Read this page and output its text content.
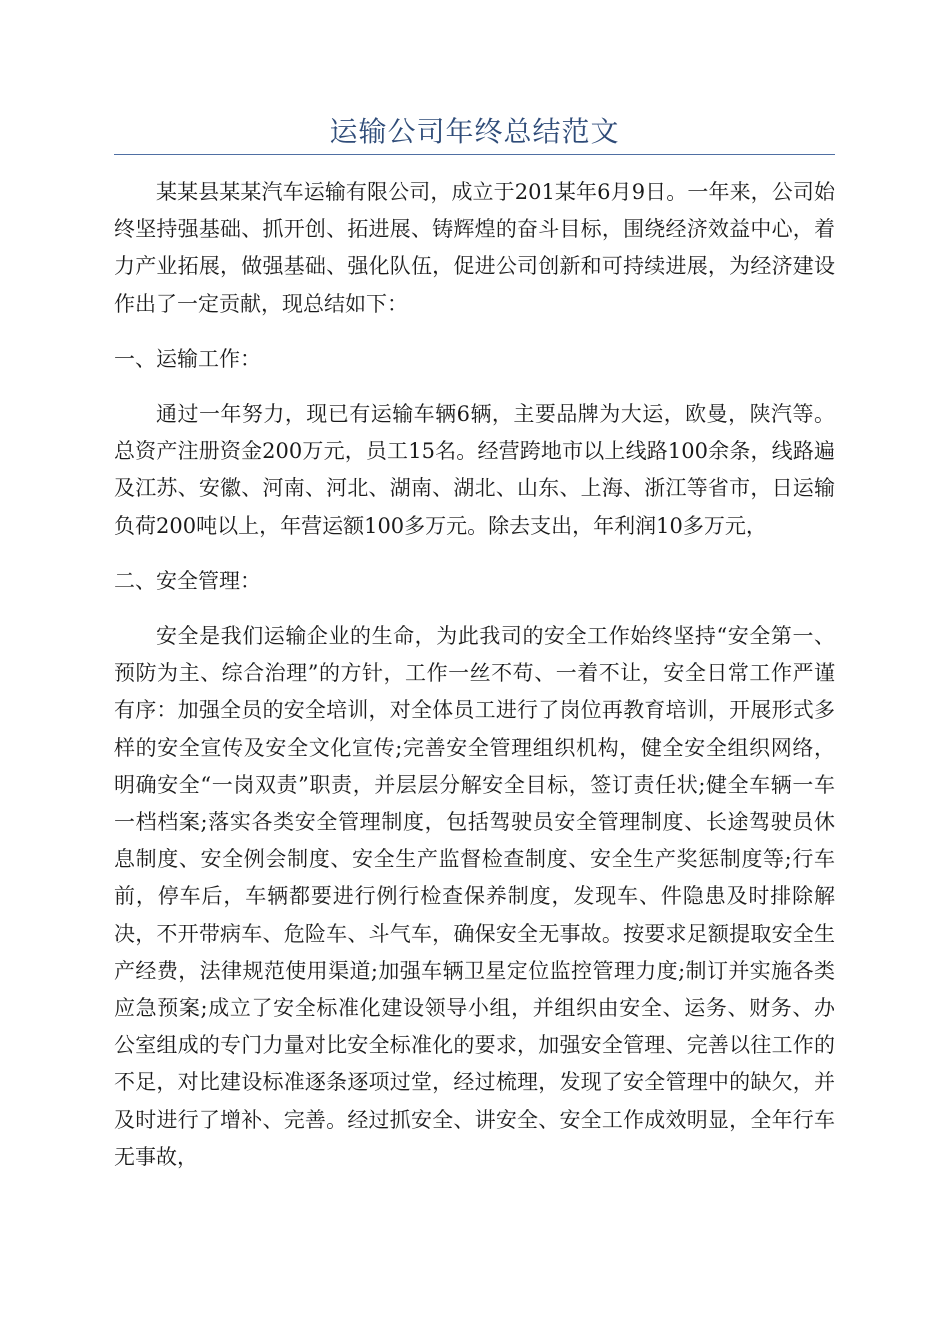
运输公司年终总结范文

某某县某某汽车运输有限公司，成立于201某年6月9日。一年来，公司始终坚持强基础、抓开创、拓进展、铸辉煌的奋斗目标，围绕经济效益中心，着力产业拓展，做强基础、强化队伍，促进公司创新和可持续进展，为经济建设作出了一定贡献，现总结如下：

一、运输工作：

通过一年努力，现已有运输车辆6辆，主要品牌为大运，欧曼，陕汽等。总资产注册资金200万元，员工15名。经营跨地市以上线路100余条，线路遍及江苏、安徽、河南、河北、湖南、湖北、山东、上海、浙江等省市，日运输负荷200吨以上，年营运额100多万元。除去支出，年利润10多万元，

二、安全管理：

安全是我们运输企业的生命，为此我司的安全工作始终坚持“安全第一、预防为主、综合治理”的方针，工作一丝不苟、一着不让，安全日常工作严谨有序：加强全员的安全培训，对全体员工进行了岗位再教育培训，开展形式多样的安全宣传及安全文化宣传;完善安全管理组织机构，健全安全组织网络，明确安全“一岗双责”职责，并层层分解安全目标，签订责任状;健全车辆一车一档档案;落实各类安全管理制度，包括驾驶员安全管理制度、长途驾驶员休息制度、安全例会制度、安全生产监督检查制度、安全生产奖惩制度等;行车前，停车后，车辆都要进行例行检查保养制度，发现车、件隐患及时排除解决，不开带病车、危险车、斗气车，确保安全无事故。按要求足额提取安全生产经费，法律规范使用渠道;加强车辆卫星定位监控管理力度;制订并实施各类应急预案;成立了安全标准化建设领导小组，并组织由安全、运务、财务、办公室组成的专门力量对比安全标准化的要求，加强安全管理、完善以往工作的不足，对比建设标准逐条逐项过堂，经过梳理，发现了安全管理中的缺欠，并及时进行了增补、完善。经过抓安全、讲安全、安全工作成效明显，全年行车无事故，
